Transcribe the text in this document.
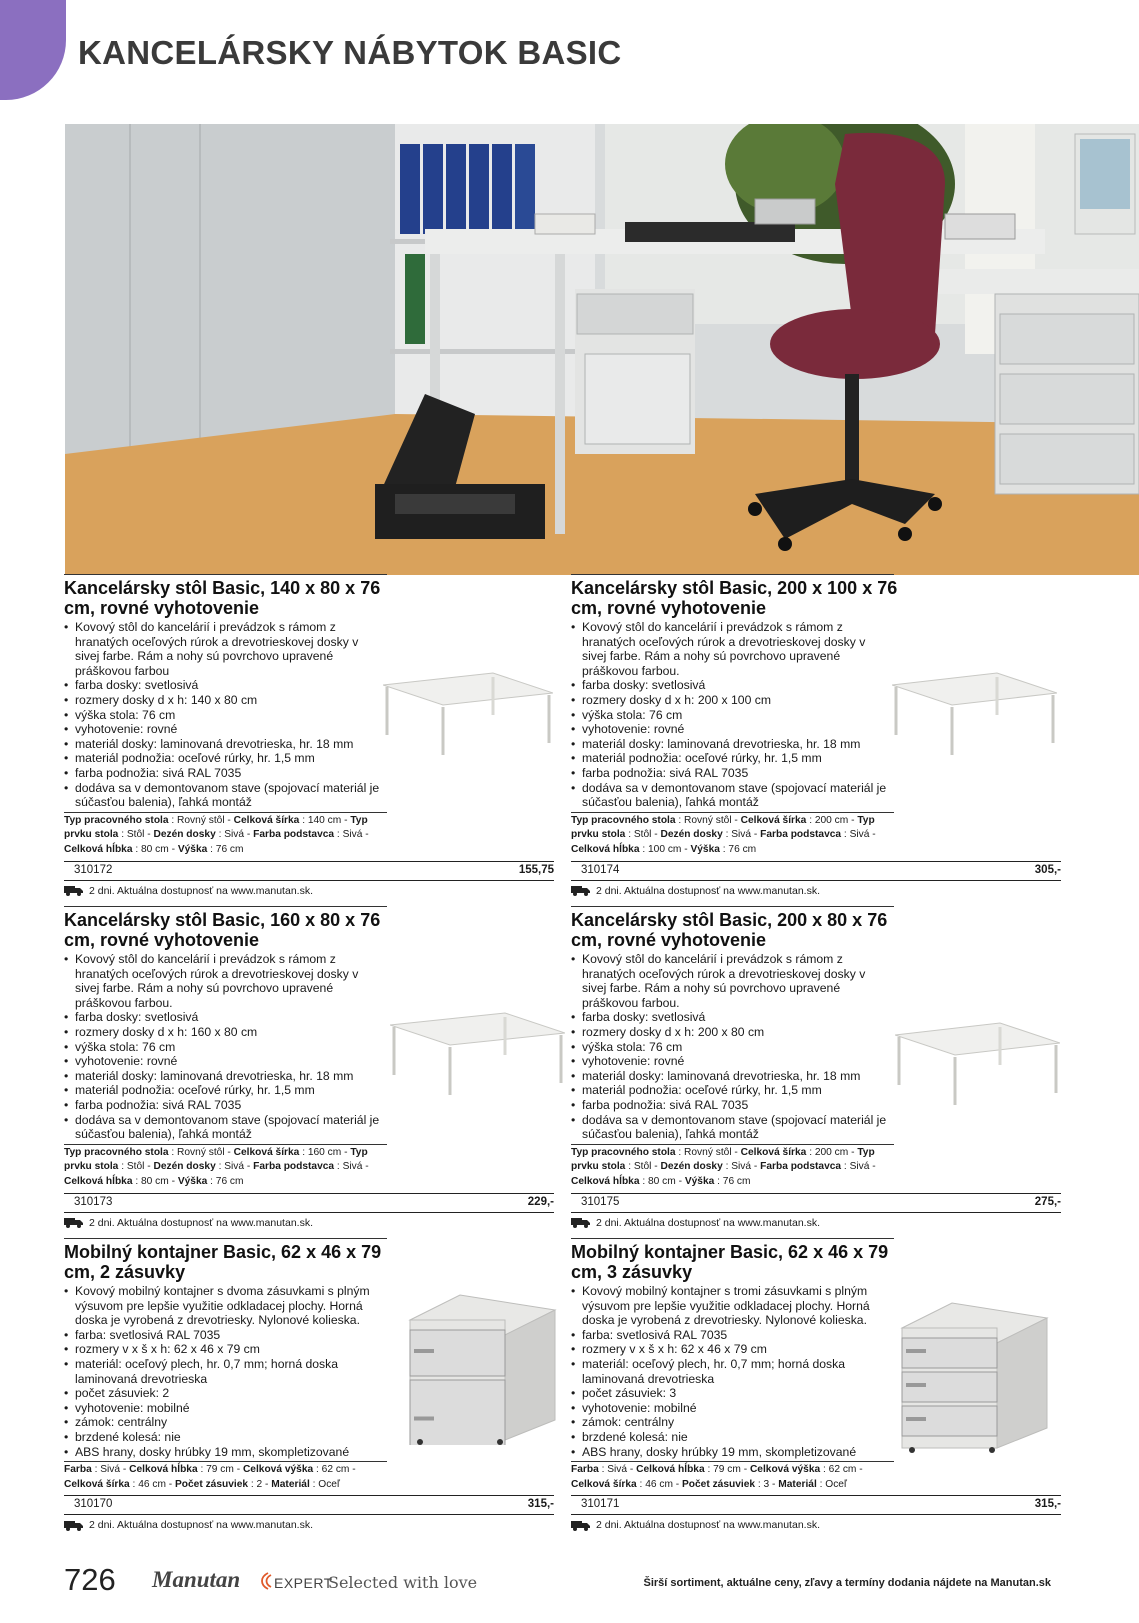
KANCELÁRSKY NÁBYTOK BASIC
Kancelársky stôl Basic, 140 x 80 x 76 cm, rovné vyhotovenie
• Kovový stôl do kancelárií i prevádzok s rámom z hranatých oceľových rúrok a drevotrieskovej dosky v sivej farbe. Rám a nohy sú povrchovo upravené práškovou farbou
• farba dosky: svetlosivá
• rozmery dosky d x h: 140 x 80 cm
• výška stola: 76 cm
• vyhotovenie: rovné
• materiál dosky: laminovaná drevotrieska, hr. 18 mm
• materiál podnožia: oceľové rúrky, hr. 1,5 mm
• farba podnožia: sivá RAL 7035
• dodáva sa v demontovanom stave (spojovací materiál je súčasťou balenia), ľahká montáž
Typ pracovného stola : Rovný stôl - Celková šírka : 140 cm - Typ prvku stola : Stôl - Dezén dosky : Sivá - Farba podstavca : Sivá - Celková hĺbka : 80 cm - Výška : 76 cm
310172	155,75
2 dni. Aktuálna dostupnosť na www.manutan.sk.
Kancelársky stôl Basic, 200 x 100 x 76 cm, rovné vyhotovenie
• Kovový stôl do kancelárií i prevádzok s rámom z hranatých oceľových rúrok a drevotrieskovej dosky v sivej farbe. Rám a nohy sú povrchovo upravené práškovou farbou.
• farba dosky: svetlosivá
• rozmery dosky d x h: 200 x 100 cm
• výška stola: 76 cm
• vyhotovenie: rovné
• materiál dosky: laminovaná drevotrieska, hr. 18 mm
• materiál podnožia: oceľové rúrky, hr. 1,5 mm
• farba podnožia: sivá RAL 7035
• dodáva sa v demontovanom stave (spojovací materiál je súčasťou balenia), ľahká montáž
Typ pracovného stola : Rovný stôl - Celková šírka : 200 cm - Typ prvku stola : Stôl - Dezén dosky : Sivá - Farba podstavca : Sivá - Celková hĺbka : 100 cm - Výška : 76 cm
310174	305,-
2 dni. Aktuálna dostupnosť na www.manutan.sk.
Kancelársky stôl Basic, 160 x 80 x 76 cm, rovné vyhotovenie
• Kovový stôl do kancelárií i prevádzok s rámom z hranatých oceľových rúrok a drevotrieskovej dosky v sivej farbe. Rám a nohy sú povrchovo upravené práškovou farbou.
• farba dosky: svetlosivá
• rozmery dosky d x h: 160 x 80 cm
• výška stola: 76 cm
• vyhotovenie: rovné
• materiál dosky: laminovaná drevotrieska, hr. 18 mm
• materiál podnožia: oceľové rúrky, hr. 1,5 mm
• farba podnožia: sivá RAL 7035
• dodáva sa v demontovanom stave (spojovací materiál je súčasťou balenia), ľahká montáž
Typ pracovného stola : Rovný stôl - Celková šírka : 160 cm - Typ prvku stola : Stôl - Dezén dosky : Sivá - Farba podstavca : Sivá - Celková hĺbka : 80 cm - Výška : 76 cm
310173	229,-
2 dni. Aktuálna dostupnosť na www.manutan.sk.
Kancelársky stôl Basic, 200 x 80 x 76 cm, rovné vyhotovenie
• Kovový stôl do kancelárií i prevádzok s rámom z hranatých oceľových rúrok a drevotrieskovej dosky v sivej farbe. Rám a nohy sú povrchovo upravené práškovou farbou.
• farba dosky: svetlosivá
• rozmery dosky d x h: 200 x 80 cm
• výška stola: 76 cm
• vyhotovenie: rovné
• materiál dosky: laminovaná drevotrieska, hr. 18 mm
• materiál podnožia: oceľové rúrky, hr. 1,5 mm
• farba podnožia: sivá RAL 7035
• dodáva sa v demontovanom stave (spojovací materiál je súčasťou balenia), ľahká montáž
Typ pracovného stola : Rovný stôl - Celková šírka : 200 cm - Typ prvku stola : Stôl - Dezén dosky : Sivá - Farba podstavca : Sivá - Celková hĺbka : 80 cm - Výška : 76 cm
310175	275,-
2 dni. Aktuálna dostupnosť na www.manutan.sk.
Mobilný kontajner Basic, 62 x 46 x 79 cm, 2 zásuvky
• Kovový mobilný kontajner s dvoma zásuvkami s plným výsuvom pre lepšie využitie odkladacej plochy. Horná doska je vyrobená z drevotriesky. Nylonové kolieska.
• farba: svetlosivá RAL 7035
• rozmery v x š x h: 62 x 46 x 79 cm
• materiál: oceľový plech, hr. 0,7 mm; horná doska laminovaná drevotrieska
• počet zásuviek: 2
• vyhotovenie: mobilné
• zámok: centrálny
• brzdené kolesá: nie
• ABS hrany, dosky hrúbky 19 mm, skompletizované
Farba : Sivá - Celková hĺbka : 79 cm - Celková výška : 62 cm - Celková šírka : 46 cm - Počet zásuviek : 2 - Materiál : Oceľ
310170	315,-
2 dni. Aktuálna dostupnosť na www.manutan.sk.
Mobilný kontajner Basic, 62 x 46 x 79 cm, 3 zásuvky
• Kovový mobilný kontajner s tromi zásuvkami s plným výsuvom pre lepšie využitie odkladacej plochy. Horná doska je vyrobená z drevotriesky. Nylonové kolieska.
• farba: svetlosivá RAL 7035
• rozmery v x š x h: 62 x 46 x 79 cm
• materiál: oceľový plech, hr. 0,7 mm; horná doska laminovaná drevotrieska
• počet zásuviek: 3
• vyhotovenie: mobilné
• zámok: centrálny
• brzdené kolesá: nie
• ABS hrany, dosky hrúbky 19 mm, skompletizované
Farba : Sivá - Celková hĺbka : 79 cm - Celková výška : 62 cm - Celková šírka : 46 cm - Počet zásuviek : 3 - Materiál : Oceľ
310171	315,-
2 dni. Aktuálna dostupnosť na www.manutan.sk.
726 Manutan EXPERT
Selected with love	Širší sortiment, aktuálne ceny, zľavy a termíny dodania nájdete na Manutan.sk
